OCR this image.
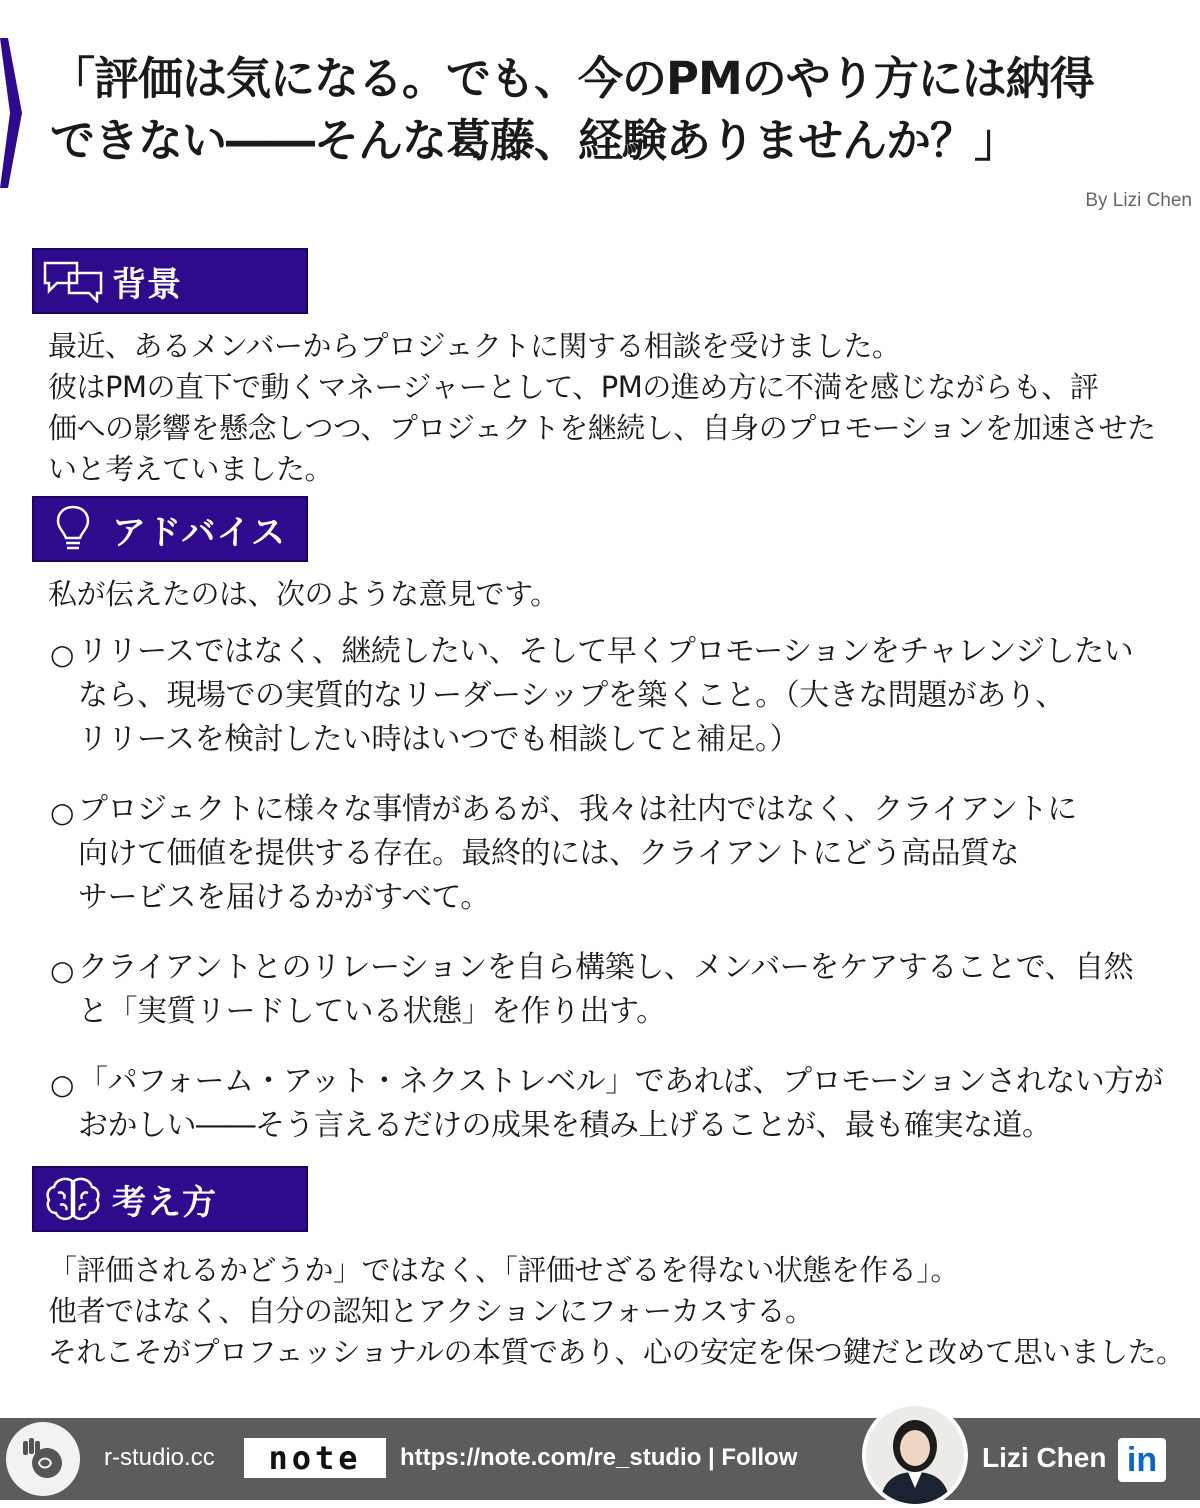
「評価は気になる。でも、今のPMのやり方には納得
できない――そんな葛藤、経験ありませんか？」
By Lizi Chen
背景

最近、あるメンバーからプロジェクトに関する相談を受けました。
彼はPMの直下で動くマネージャーとして、PMの進め方に不満を感じながらも、評
価への影響を懸念しつつ、プロジェクトを継続し、自身のプロモーションを加速させた
いと考えていました。

アドバイス

私が伝えたのは、次のような意見です。

○ リリースではなく、継続したい、そして早くプロモーションをチャレンジしたい
なら、現場での実質的なリーダーシップを築くこと。（大きな問題があり、
リリースを検討したい時はいつでも相談してと補足。）
○ プロジェクトに様々な事情があるが、我々は社内ではなく、クライアントに
向けて価値を提供する存在。最終的には、クライアントにどう高品質な
サービスを届けるかがすべて。
○ クライアントとのリレーションを自ら構築し、メンバーをケアすることで、自然
と「実質リードしている状態」を作り出す。
○ 「パフォーム・アット・ネクストレベル」であれば、プロモーションされない方が
おかしい――そう言えるだけの成果を積み上げることが、最も確実な道。
考え方

「評価されるかどうか」ではなく、「評価せざるを得ない状態を作る」。
他者ではなく、自分の認知とアクションにフォーカスする。
それこそがプロフェッショナルの本質であり、心の安定を保つ鍵だと改めて思いました。

r-studio.cc	note	https://note.com/re_studio | Follow	Lizi Chen in
